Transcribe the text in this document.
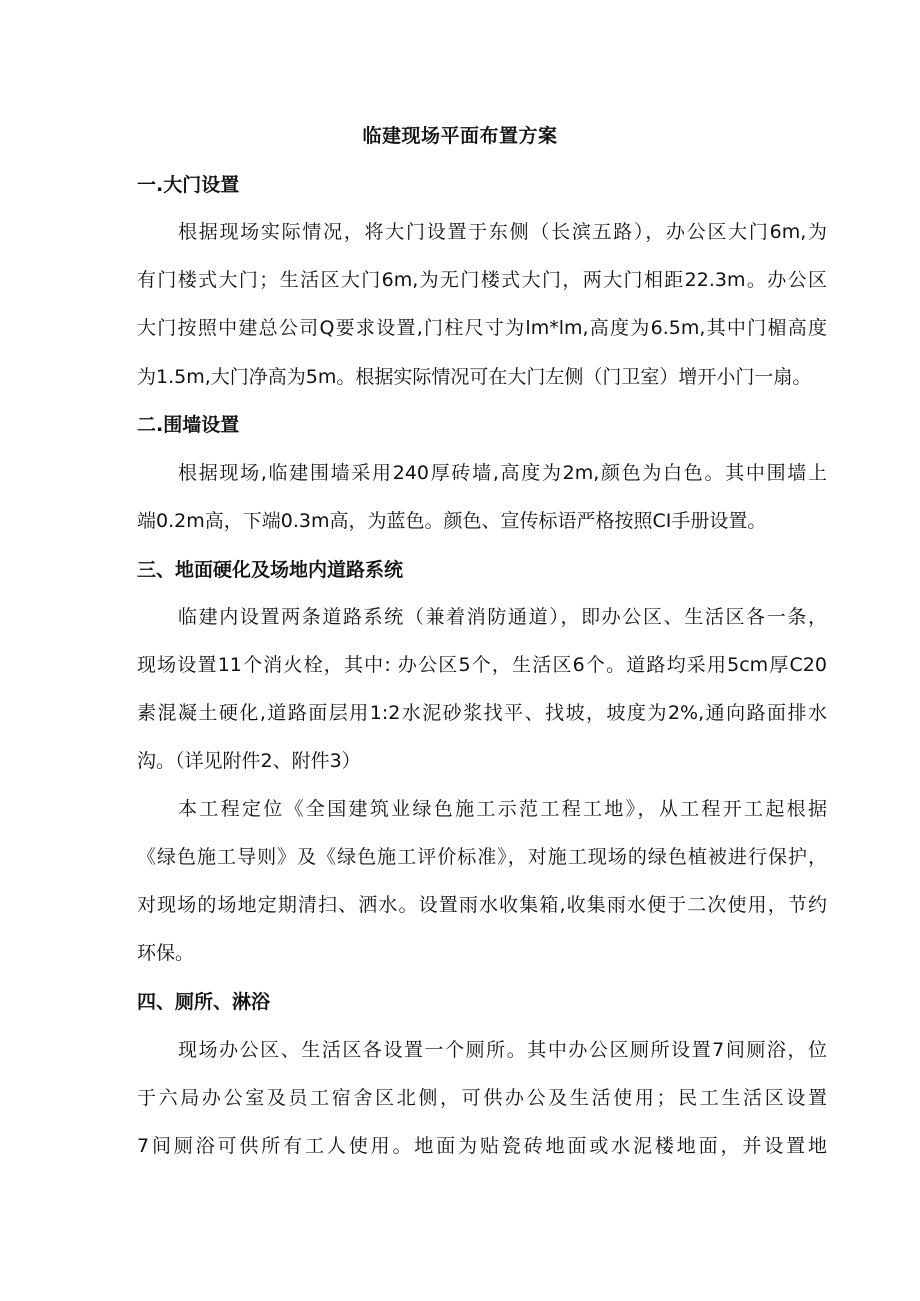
临建现场平面布置方案
一.大门设置
根据现场实际情况，将大门设置于东侧（长滨五路），办公区大门6m,为
有门楼式大门；生活区大门6m,为无门楼式大门，两大门相距22.3m。办公区
大门按照中建总公司Q要求设置,门柱尺寸为lm*lm,高度为6.5m,其中门楣高度
为1.5m,大门净高为5m。根据实际情况可在大门左侧（门卫室）增开小门一扇。
二.围墙设置
根据现场,临建围墙采用240厚砖墙,高度为2m,颜色为白色。其中围墙上
端0.2m高，下端0.3m高，为蓝色。颜色、宣传标语严格按照CI手册设置。
三、地面硬化及场地内道路系统
临建内设置两条道路系统（兼着消防通道），即办公区、生活区各一条，
现场设置11个消火栓，其中: 办公区5个，生活区6个。道路均采用5cm厚C20
素混凝土硬化,道路面层用1:2水泥砂浆找平、找坡，坡度为2%,通向路面排水
沟。（详见附件2、附件3）
本工程定位《全国建筑业绿色施工示范工程工地》，从工程开工起根据
《绿色施工导则》及《绿色施工评价标准》，对施工现场的绿色植被进行保护，
对现场的场地定期清扫、洒水。设置雨水收集箱,收集雨水便于二次使用，节约
环保。
四、厕所、淋浴
现场办公区、生活区各设置一个厕所。其中办公区厕所设置7间厕浴，位
于六局办公室及员工宿舍区北侧，可供办公及生活使用；民工生活区设置
7间厕浴可供所有工人使用。地面为贴瓷砖地面或水泥楼地面，并设置地
